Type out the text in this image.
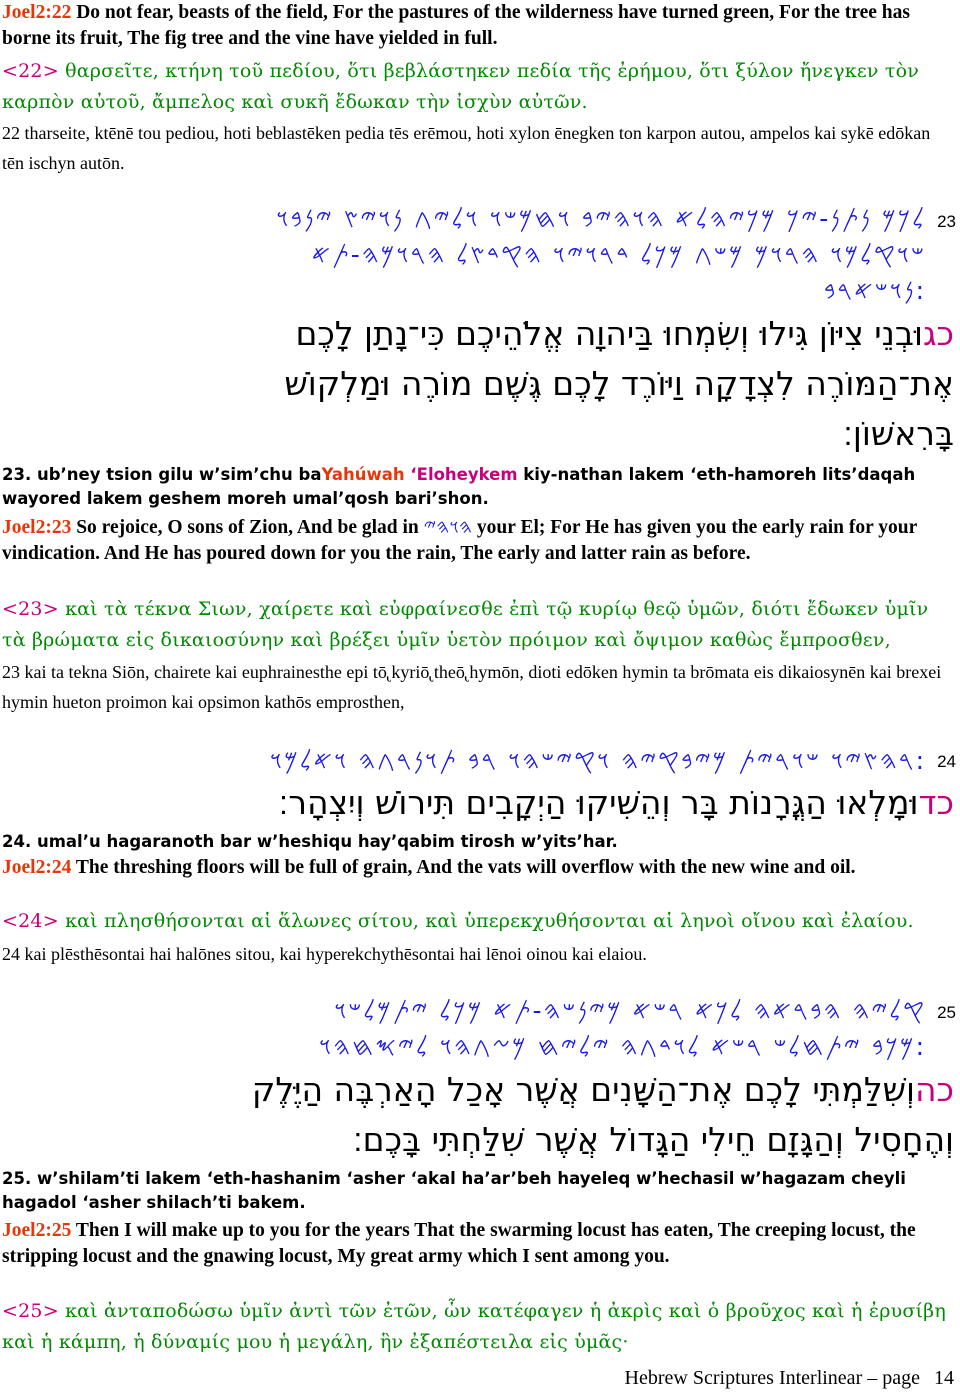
Joel2:22 Do not fear, beasts of the field, For the pastures of the wilderness have turned green, For the tree has borne its fruit, The fig tree and the vine have yielded in full.
<22> θαρσεῖτε, κτήνη τοῦ πεδίου, ὅτι βεβλάστηκεν πεδία τῆς ἐρήμου, ὅτι ξύλον ἤνεγκεν τὸν καρπὸν αὐτοῦ, ἄμπελος καὶ συκῆ ἔδωκαν τὴν ἰσχὺν αὐτῶν.
22 tharseite, ktēnē tou pediou, hoti beblastēken pedia tēs erēmou, hoti xylon ēnegken ton karpon autou, ampelos kai sykē edōkan tēn ischyn autōn.
23
𐤋𐤊𐤌 𐤍𐤕𐤍-𐤉𐤊 𐤌𐤊𐤉𐤄𐤋𐤀 𐤄𐤅𐤄𐤉𐤁 𐤅𐤇𐤌𐤔𐤅 𐤅𐤋𐤉𐤂 𐤍𐤅𐤉𐤑 𐤉𐤍𐤁𐤅
𐤔𐤅𐤒𐤋𐤌𐤅 𐤄𐤓𐤅𐤌 𐤌𐤔𐤂 𐤌𐤊𐤋 𐤃𐤓𐤅𐤉𐤅 𐤄𐤒𐤃𐤑𐤋 𐤄𐤓𐤅𐤌𐤄-𐤕𐤀
:𐤍𐤅𐤔𐤀𐤓𐤁
כגוּבְנֵי צִיּוֹן גִּילוּ וְשִׂמְחוּ בַּיהוָה אֱלֹהֵיכֶם כִּי־נָתַן לָכֶם
אֶת־הַמּוֹרֶה לִצְדָקָה וַיּוֹרֶד לָכֶם גֶּשֶׁם מוֹרֶה וּמַלְקוֹשׁ
בָּרִאשׁוֹן׃
23. ub’ney tsion gilu w’sim’chu baYahúwah ‘Eloheykem kiy-nathan lakem ‘eth-hamoreh lits’daqah wayored lakem geshem moreh umal’qosh bari’shon.
Joel2:23 So rejoice, O sons of Zion, And be glad in 𐤄𐤅𐤄𐤉 your El; For He has given you the early rain for your vindication. And He has poured down for you the rain, The early and latter rain as before.
<23> καὶ τὰ τέκνα Σιων, χαίρετε καὶ εὐφραίνεσθε ἐπὶ τῷ κυρίῳ θεῷ ὑμῶν, διότι ἔδωκεν ὑμῖν τὰ βρώματα εἰς δικαιοσύνην καὶ βρέξει ὑμῖν ὑετὸν πρόιμον καὶ ὄψιμον καθὼς ἔμπροσθεν,
23 kai ta tekna Siōn, chairete kai euphrainesthe epi tō̢ kyriō̢ theō̢ hymōn, dioti edōken hymin ta brōmata eis dikaiosynēn kai brexei hymin hueton proimon kai opsimon kathōs emprosthen,
24
:𐤓𐤄𐤑𐤉𐤅 𐤔𐤅𐤓𐤉𐤕 𐤌𐤉𐤁𐤒𐤉𐤄 𐤅𐤒𐤉𐤔𐤄𐤅 𐤓𐤁 𐤕𐤅𐤍𐤓𐤂𐤄 𐤅𐤀𐤋𐤌𐤅
כדוּמָלְאוּ הַגֳּרָנוֹת בָּר וְהֵשִׁיקוּ הַיְקָבִים תִּירוֹשׁ וְיִצְהָר׃
24. umal’u hagaranoth bar w’heshiqu hay’qabim tirosh w’yits’har.
Joel2:24 The threshing floors will be full of grain, And the vats will overflow with the new wine and oil.
<24> καὶ πλησθήσονται αἱ ἅλωνες σίτου, καὶ ὑπερεκχυθήσονται αἱ ληνοὶ οἴνου καὶ ἐλαίου.
24 kai plēsthēsontai hai halōnes sitou, kai hyperekchythēsontai hai lēnoi oinou kai elaiou.
25
𐤒𐤋𐤉𐤄 𐤄𐤁𐤓𐤀𐤄 𐤋𐤊𐤀 𐤓𐤔𐤀 𐤌𐤉𐤍𐤔𐤄-𐤕𐤀 𐤌𐤊𐤋 𐤉𐤕𐤌𐤋𐤔𐤅
:𐤌𐤊𐤁 𐤉𐤕𐤇𐤋𐤔 𐤓𐤔𐤀 𐤋𐤅𐤃𐤂𐤄 𐤉𐤋𐤉𐤇 𐤌𐤆𐤂𐤄𐤅 𐤋𐤉𐤎𐤇𐤄𐤅
כהוְשִׁלַּמְתִּי לָכֶם אֶת־הַשָּׁנִים אֲשֶׁר אָכַל הָאַרְבֶּה הַיֶּלֶק
וְהֶחָסִיל וְהַגָּזָם חֵילִי הַגָּדוֹל אֲשֶׁר שִׁלַּחְתִּי בָּכֶם׃
25. w’shilam’ti lakem ‘eth-hashanim ‘asher ‘akal ha’ar’beh hayeleq w’hechasil w’hagazam cheyli hagadol ‘asher shilach’ti bakem.
Joel2:25 Then I will make up to you for the years That the swarming locust has eaten, The creeping locust, the stripping locust and the gnawing locust, My great army which I sent among you.
<25> καὶ ἀνταποδώσω ὑμῖν ἀντὶ τῶν ἐτῶν, ὧν κατέφαγεν ἡ ἀκρὶς καὶ ὁ βροῦχος καὶ ἡ ἐρυσίβη καὶ ἡ κάμπη, ἡ δύναμίς μου ἡ μεγάλη, ἣν ἐξαπέστειλα εἰς ὑμᾶς·
Hebrew Scriptures Interlinear – page 14
